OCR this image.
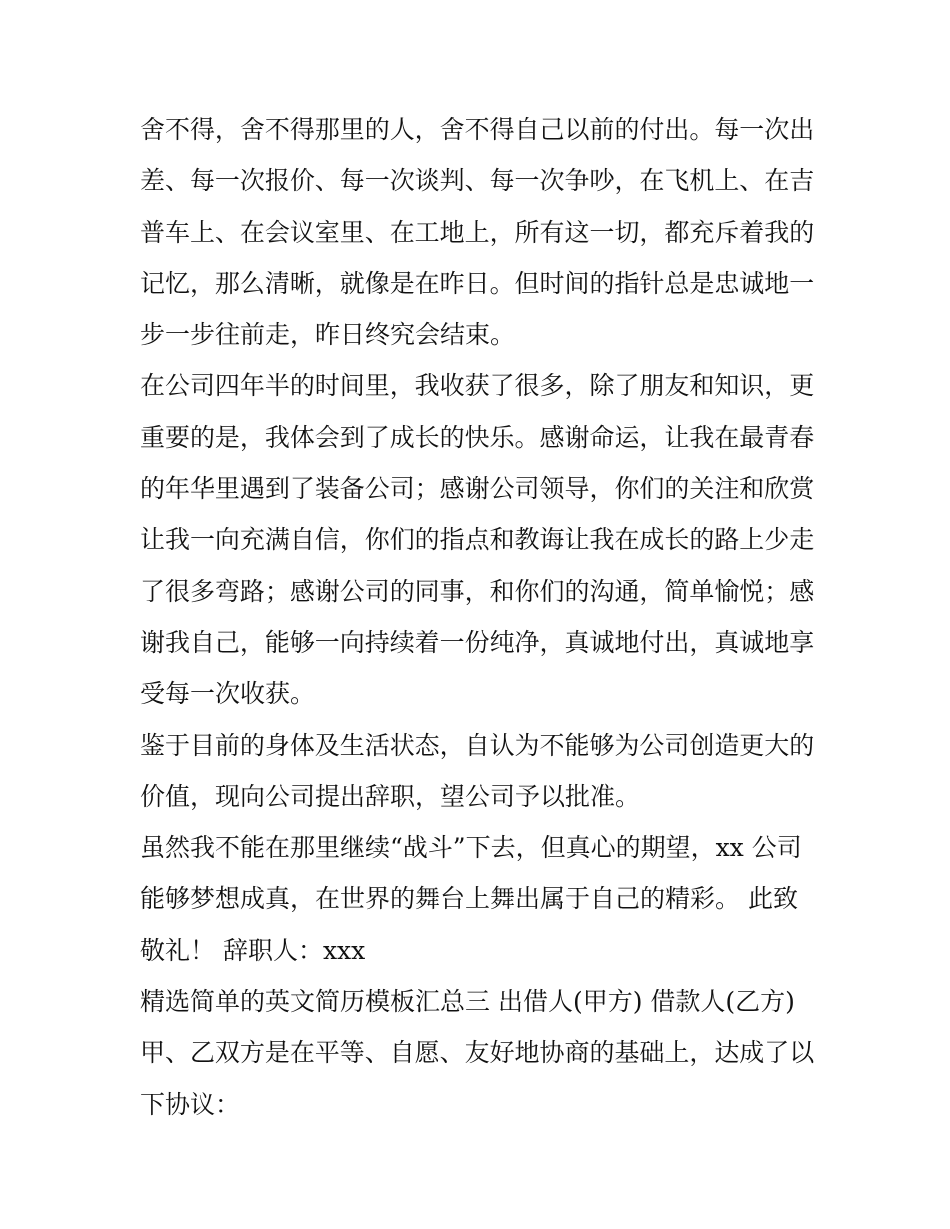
舍不得，舍不得那里的人，舍不得自己以前的付出。每一次出
差、每一次报价、每一次谈判、每一次争吵，在飞机上、在吉
普车上、在会议室里、在工地上，所有这一切，都充斥着我的
记忆，那么清晰，就像是在昨日。但时间的指针总是忠诚地一
步一步往前走，昨日终究会结束。
在公司四年半的时间里，我收获了很多，除了朋友和知识，更
重要的是，我体会到了成长的快乐。感谢命运，让我在最青春
的年华里遇到了装备公司；感谢公司领导，你们的关注和欣赏
让我一向充满自信，你们的指点和教诲让我在成长的路上少走
了很多弯路；感谢公司的同事，和你们的沟通，简单愉悦；感
谢我自己，能够一向持续着一份纯净，真诚地付出，真诚地享
受每一次收获。
鉴于目前的身体及生活状态，自认为不能够为公司创造更大的
价值，现向公司提出辞职，望公司予以批准。
虽然我不能在那里继续“战斗”下去，但真心的期望，xx 公司
能够梦想成真，在世界的舞台上舞出属于自己的精彩。 此致
敬礼！ 辞职人：xxx
精选简单的英文简历模板汇总三 出借人(甲方) 借款人(乙方)
甲、乙双方是在平等、自愿、友好地协商的基础上，达成了以
下协议：
